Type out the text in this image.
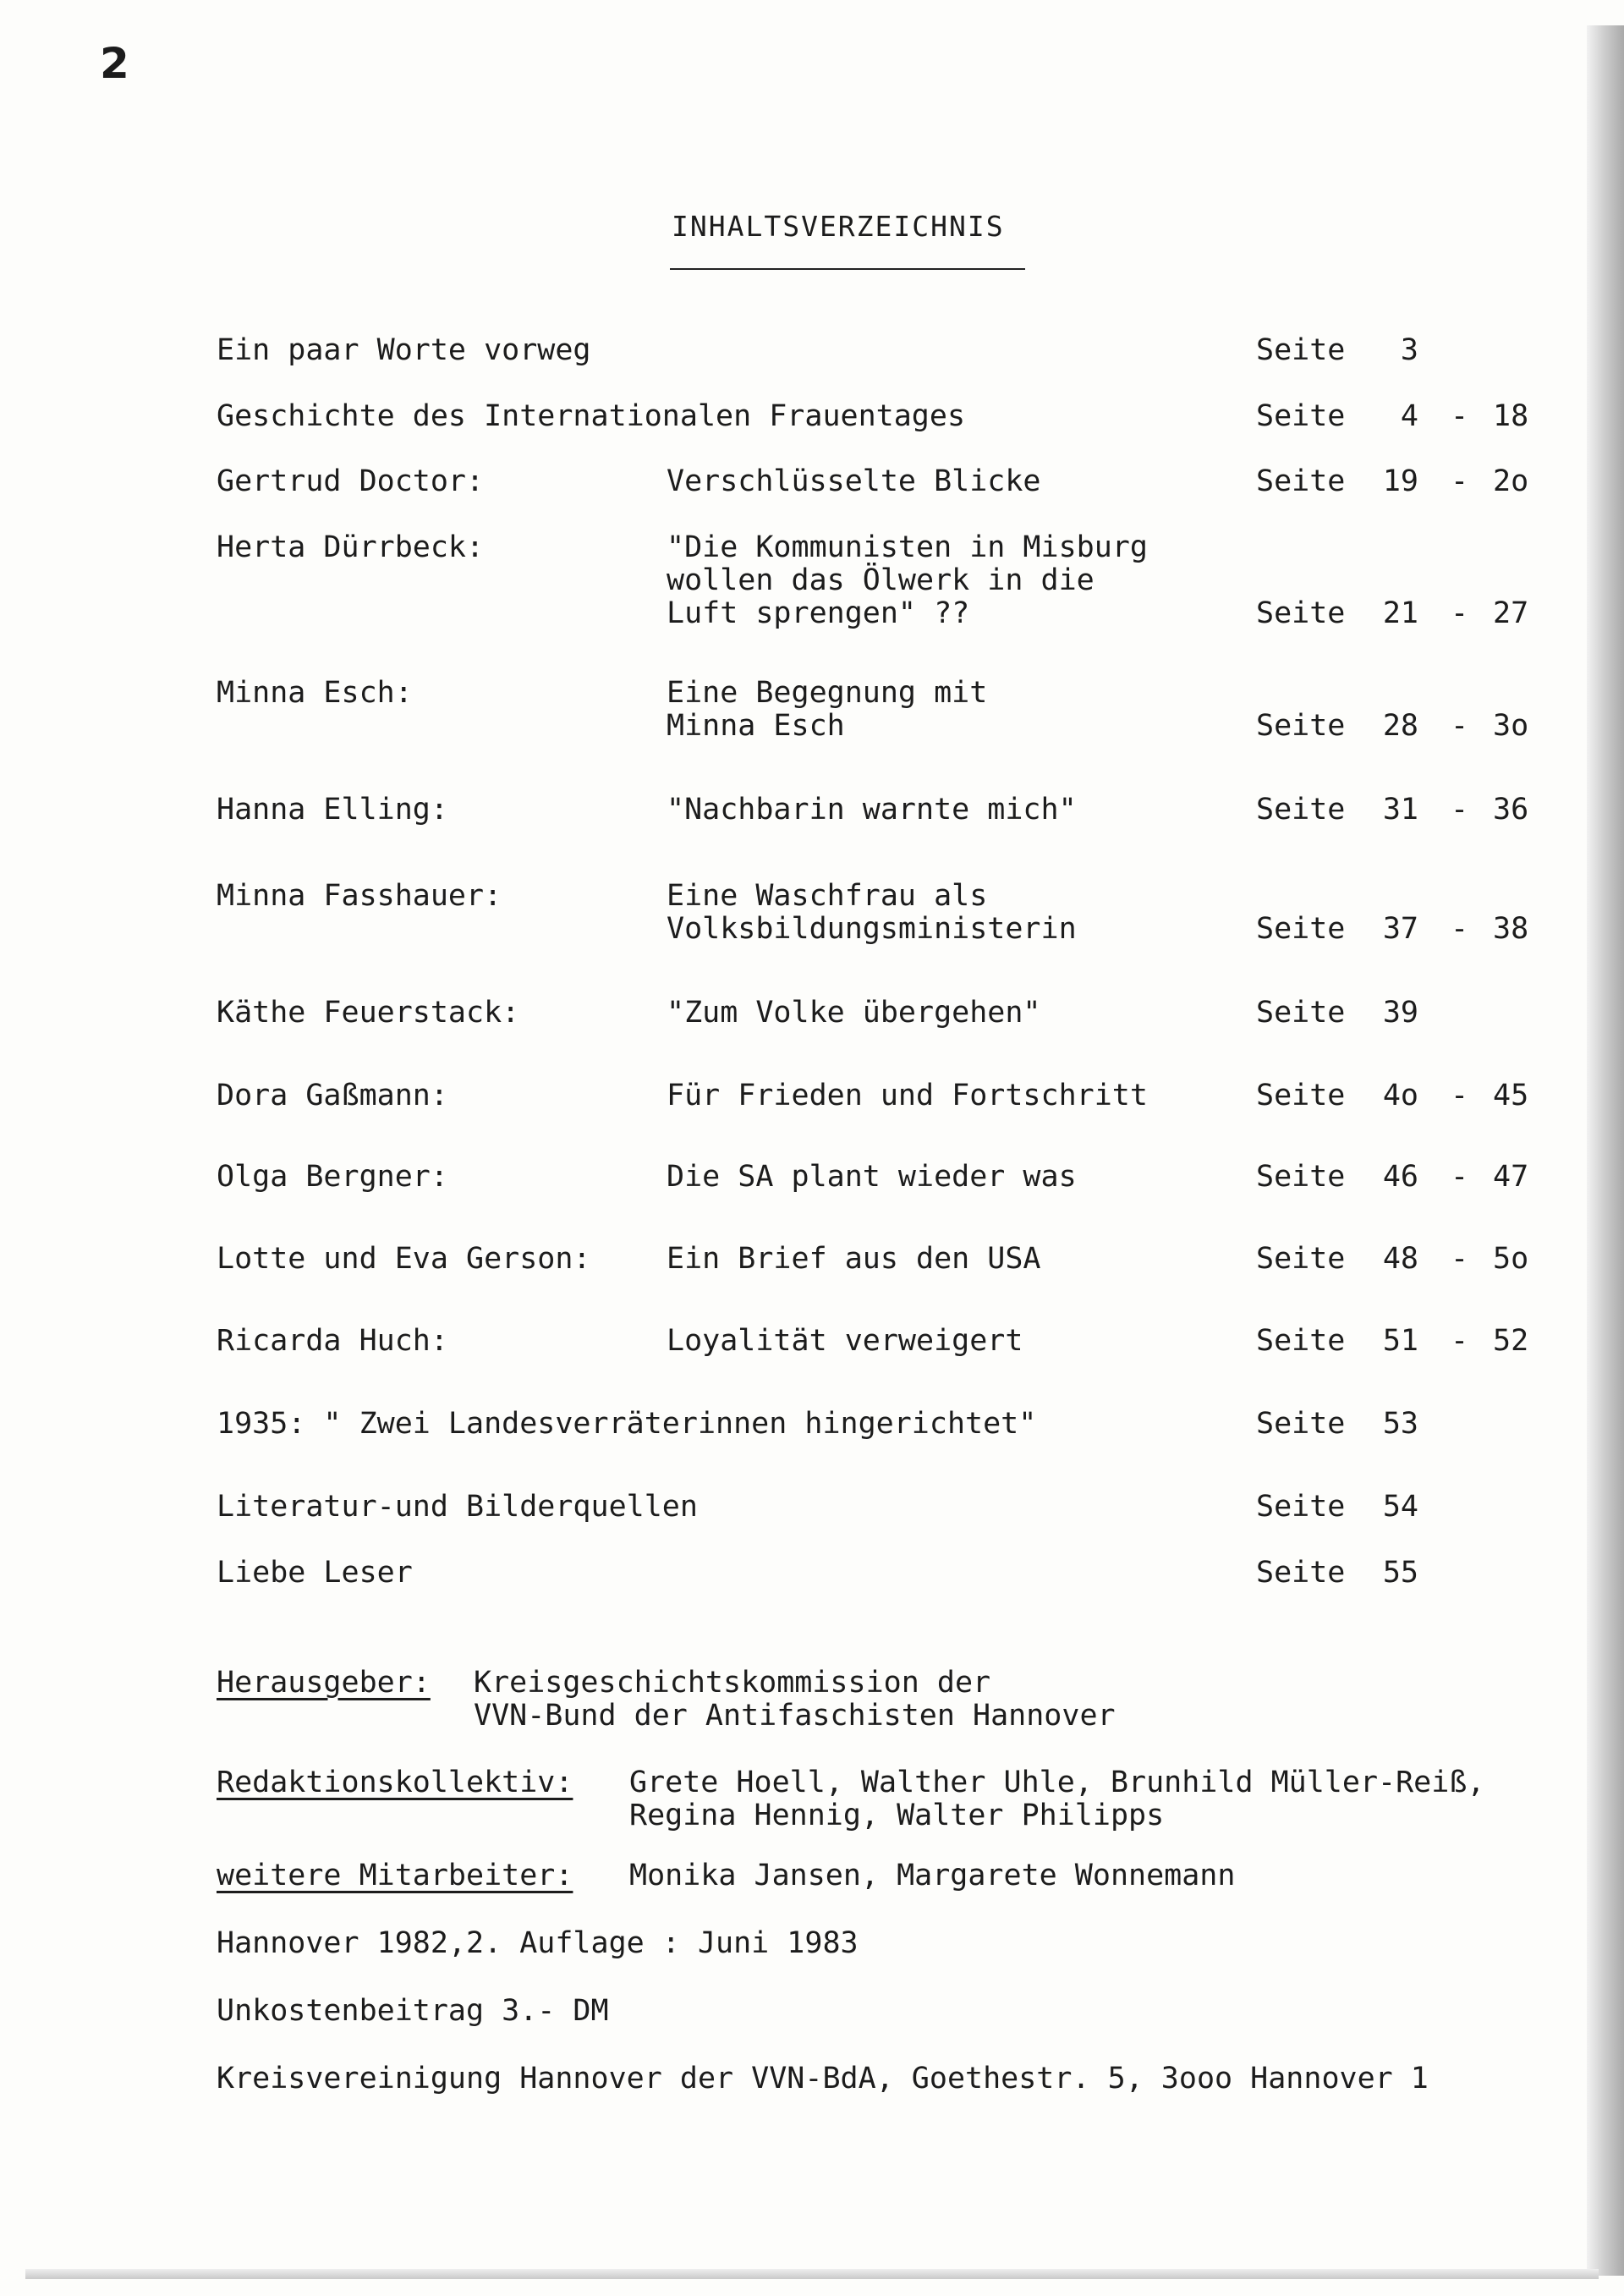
2
INHALTSVERZEICHNIS
Ein paar Worte vorweg	Seite	3
Geschichte des Internationalen Frauentages	Seite	4 - 18
Gertrud Doctor:	Verschlüsselte Blicke	Seite 19 - 2o
Herta Dürrbeck:	"Die Kommunisten in Misburg
wollen das Ölwerk in die
Luft sprengen" ??	Seite 21 - 27
Minna Esch:	Eine Begegnung mit
Minna Esch	Seite 28 - 3o
Hanna Elling:	"Nachbarin warnte mich"	Seite 31 - 36
Minna Fasshauer:	Eine Waschfrau als
Volksbildungsministerin	Seite 37 - 38
Käthe Feuerstack:	"Zum Volke übergehen"	Seite 39
Dora Gaßmann:	Für Frieden und Fortschritt	Seite 4o - 45
Olga Bergner:	Die SA plant wieder was	Seite 46 - 47
Lotte und Eva Gerson:	Ein Brief aus den USA	Seite 48 - 5o
Ricarda Huch:	Loyalität verweigert	Seite 51 - 52
1935: " Zwei Landesverräterinnen hingerichtet"	Seite 53
Literatur-und Bilderquellen	Seite 54
Liebe Leser	Seite 55
Herausgeber: Kreisgeschichtskommission der
VVN-Bund der Antifaschisten Hannover
Redaktionskollektiv: Grete Hoell, Walther Uhle, Brunhild Müller-Reiß,
Regina Hennig, Walter Philipps
weitere Mitarbeiter: Monika Jansen, Margarete Wonnemann
Hannover 1982,2. Auflage : Juni 1983
Unkostenbeitrag 3.- DM
Kreisvereinigung Hannover der VVN-BdA, Goethestr. 5, 3ooo Hannover 1
